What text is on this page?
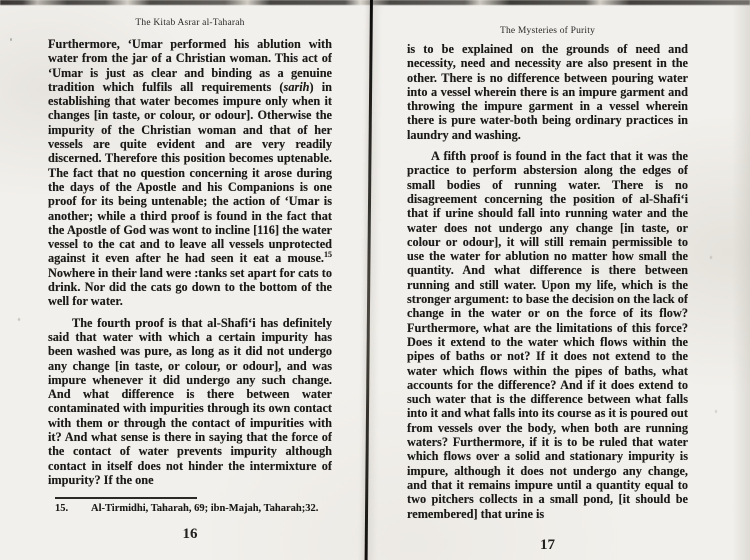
The Kitab Asrar al-Taharah

Furthermore, ‘Umar performed his ablution with water from the jar of a Christian woman. This act of ‘Umar is just as clear and binding as a genuine tradition which fulfils all requirements (sarih) in establishing that water becomes impure only when it changes [in taste, or colour, or odour]. Otherwise the impurity of the Christian woman and that of her vessels are quite evident and are very readily discerned. Therefore this position becomes uptenable. The fact that no question concerning it arose during the days of the Apostle and his Companions is one proof for its being untenable; the action of ‘Umar is another; while a third proof is found in the fact that the Apostle of God was wont to incline [116] the water vessel to the cat and to leave all vessels unprotected against it even after he had seen it eat a mouse.$^{15}$ Nowhere in their land were :tanks set apart for cats to drink. Nor did the cats go down to the bottom of the well for water.

The fourth proof is that al-Shafi‘i has definitely said that water with which a certain impurity has been washed was pure, as long as it did not undergo any change [in taste, or colour, or odour], and was impure whenever it did undergo any such change. And what difference is there between water contaminated with impurities through its own contact with them or through the contact of impurities with it? And what sense is there in saying that the force of the contact of water prevents impurity although contact in itself does not hinder the intermixture of impurity? If the one

15.	Al-Tirmidhi, Taharah, 69; ibn-Majah, Taharah;32.
16
The Mysteries of Purity

is to be explained on the grounds of need and necessity, need and necessity are also present in the other. There is no difference between pouring water into a vessel wherein there is an impure garment and throwing the impure garment in a vessel wherein there is pure water-both being ordinary practices in laundry and washing.

A fifth proof is found in the fact that it was the practice to perform abstersion along the edges of small bodies of running water. There is no disagreement concerning the position of al-Shafi‘i that if urine should fall into running water and the water does not undergo any change [in taste, or colour or odour], it will still remain permissible to use the water for ablution no matter how small the quantity. And what difference is there between running and still water. Upon my life, which is the stronger argument: to base the decision on the lack of change in the water or on the force of its flow? Furthermore, what are the limitations of this force? Does it extend to the water which flows within the pipes of baths or not? If it does not extend to the water which flows within the pipes of baths, what accounts for the difference? And if it does extend to such water that is the difference between what falls into it and what falls into its course as it is poured out from vessels over the body, when both are running waters? Furthermore, if it is to be ruled that water which flows over a solid and stationary impurity is impure, although it does not undergo any change, and that it remains impure until a quantity equal to two pitchers collects in a small pond, [it should be remembered] that urine is

17
